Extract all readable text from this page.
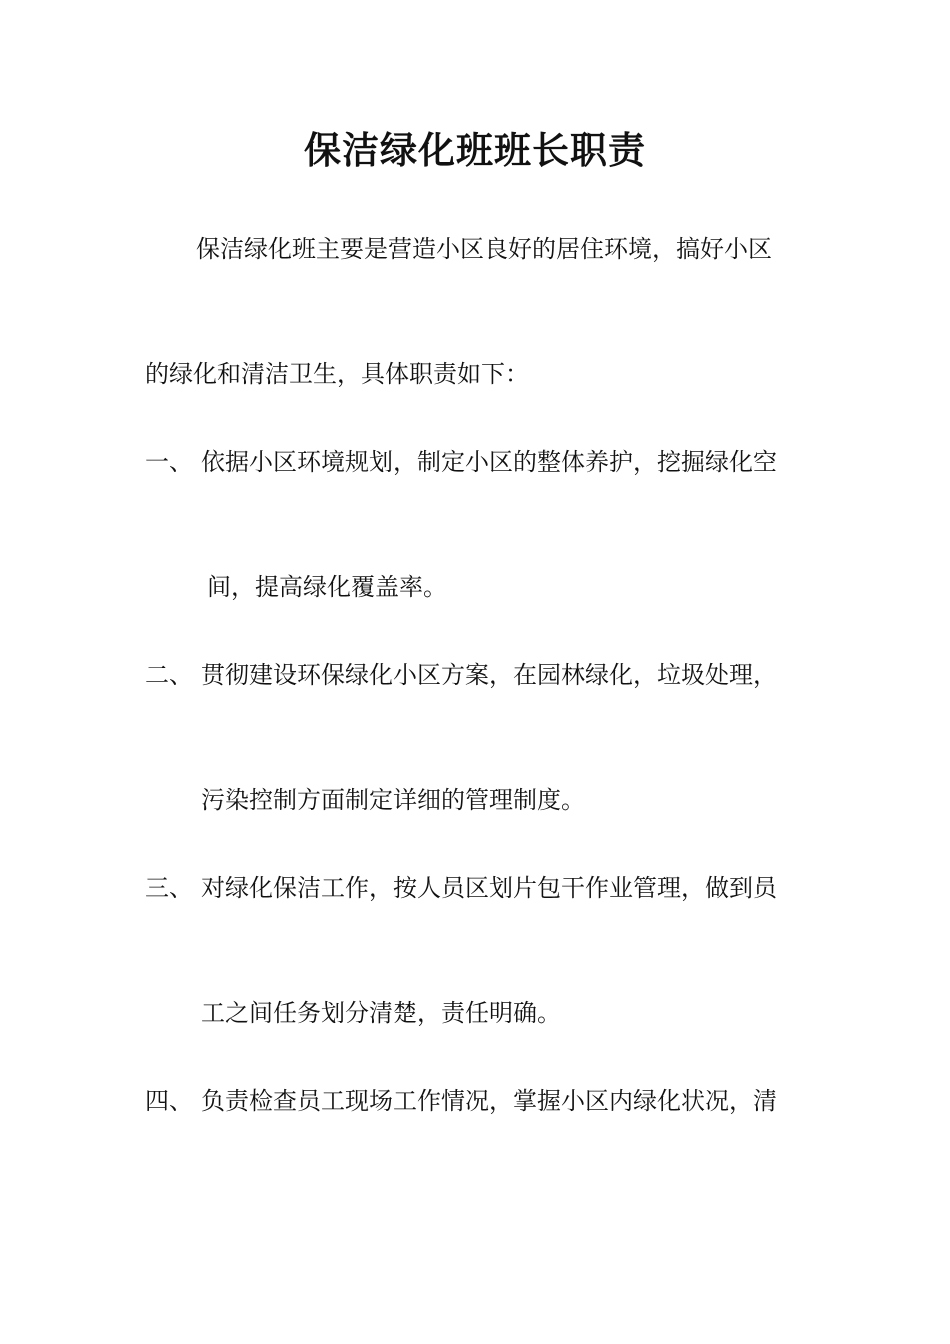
保洁绿化班班长职责
保洁绿化班主要是营造小区良好的居住环境，搞好小区
的绿化和清洁卫生，具体职责如下：
一、 依据小区环境规划，制定小区的整体养护，挖掘绿化空
间，提高绿化覆盖率。
二、 贯彻建设环保绿化小区方案，在园林绿化，垃圾处理，
污染控制方面制定详细的管理制度。
三、 对绿化保洁工作，按人员区划片包干作业管理，做到员
工之间任务划分清楚，责任明确。
四、 负责检查员工现场工作情况，掌握小区内绿化状况，清
